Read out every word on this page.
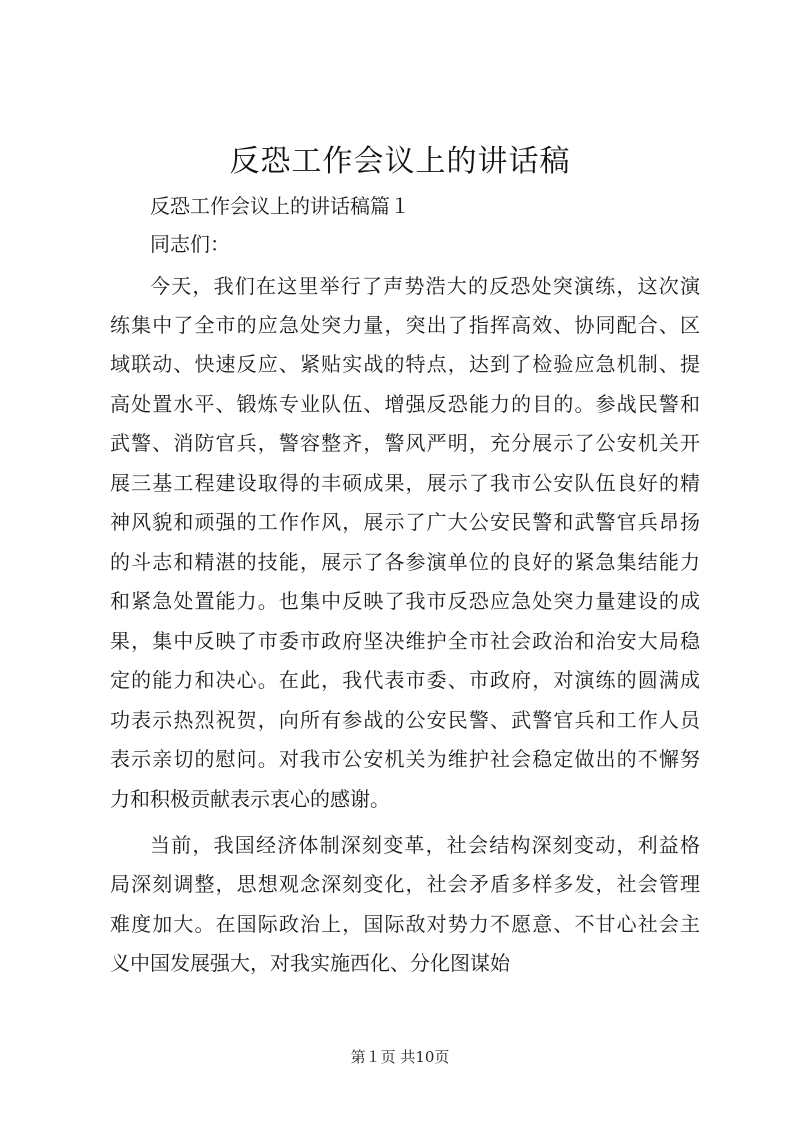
反恐工作会议上的讲话稿
反恐工作会议上的讲话稿篇１
同志们：
今天，我们在这里举行了声势浩大的反恐处突演练，这次演
练集中了全市的应急处突力量，突出了指挥高效、协同配合、区
域联动、快速反应、紧贴实战的特点，达到了检验应急机制、提
高处置水平、锻炼专业队伍、增强反恐能力的目的。参战民警和
武警、消防官兵，警容整齐，警风严明，充分展示了公安机关开
展三基工程建设取得的丰硕成果，展示了我市公安队伍良好的精
神风貌和顽强的工作作风，展示了广大公安民警和武警官兵昂扬
的斗志和精湛的技能，展示了各参演单位的良好的紧急集结能力
和紧急处置能力。也集中反映了我市反恐应急处突力量建设的成
果，集中反映了市委市政府坚决维护全市社会政治和治安大局稳
定的能力和决心。在此，我代表市委、市政府，对演练的圆满成
功表示热烈祝贺，向所有参战的公安民警、武警官兵和工作人员
表示亲切的慰问。对我市公安机关为维护社会稳定做出的不懈努
力和积极贡献表示衷心的感谢。
当前，我国经济体制深刻变革，社会结构深刻变动，利益格
局深刻调整，思想观念深刻变化，社会矛盾多样多发，社会管理
难度加大。在国际政治上，国际敌对势力不愿意、不甘心社会主
义中国发展强大，对我实施西化、分化图谋始
第１页 共10页
